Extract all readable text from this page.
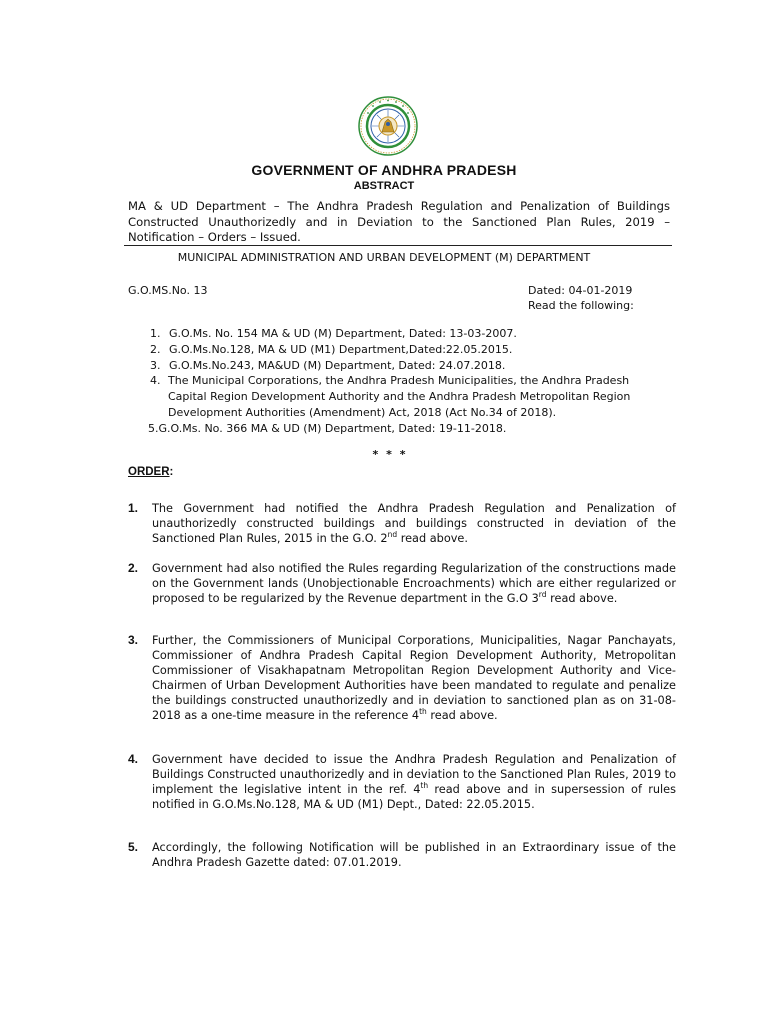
GOVERNMENT OF ANDHRA PRADESH
ABSTRACT
MA & UD Department – The Andhra Pradesh Regulation and Penalization of Buildings Constructed Unauthorizedly and in Deviation to the Sanctioned Plan Rules, 2019 – Notification – Orders – Issued.
MUNICIPAL ADMINISTRATION AND URBAN DEVELOPMENT (M) DEPARTMENT
G.O.MS.No. 13	Dated: 04-01-2019
Read the following:
1. G.O.Ms. No. 154 MA & UD (M) Department, Dated: 13-03-2007.
2. G.O.Ms.No.128, MA & UD (M1) Department,Dated:22.05.2015.
3. G.O.Ms.No.243, MA&UD (M) Department, Dated: 24.07.2018.
4. The Municipal Corporations, the Andhra Pradesh Municipalities, the Andhra Pradesh Capital Region Development Authority and the Andhra Pradesh Metropolitan Region Development Authorities (Amendment) Act, 2018 (Act No.34 of 2018).
5.G.O.Ms. No. 366 MA & UD (M) Department, Dated: 19-11-2018.
* * *
ORDER:
1. The Government had notified the Andhra Pradesh Regulation and Penalization of unauthorizedly constructed buildings and buildings constructed in deviation of the Sanctioned Plan Rules, 2015 in the G.O. 2nd read above.
2. Government had also notified the Rules regarding Regularization of the constructions made on the Government lands (Unobjectionable Encroachments) which are either regularized or proposed to be regularized by the Revenue department in the G.O 3rd read above.
3. Further, the Commissioners of Municipal Corporations, Municipalities, Nagar Panchayats, Commissioner of Andhra Pradesh Capital Region Development Authority, Metropolitan Commissioner of Visakhapatnam Metropolitan Region Development Authority and Vice-Chairmen of Urban Development Authorities have been mandated to regulate and penalize the buildings constructed unauthorizedly and in deviation to sanctioned plan as on 31-08-2018 as a one-time measure in the reference 4th read above.
4. Government have decided to issue the Andhra Pradesh Regulation and Penalization of Buildings Constructed unauthorizedly and in deviation to the Sanctioned Plan Rules, 2019 to implement the legislative intent in the ref. 4th read above and in supersession of rules notified in G.O.Ms.No.128, MA & UD (M1) Dept., Dated: 22.05.2015.
5. Accordingly, the following Notification will be published in an Extraordinary issue of the Andhra Pradesh Gazette dated: 07.01.2019.
